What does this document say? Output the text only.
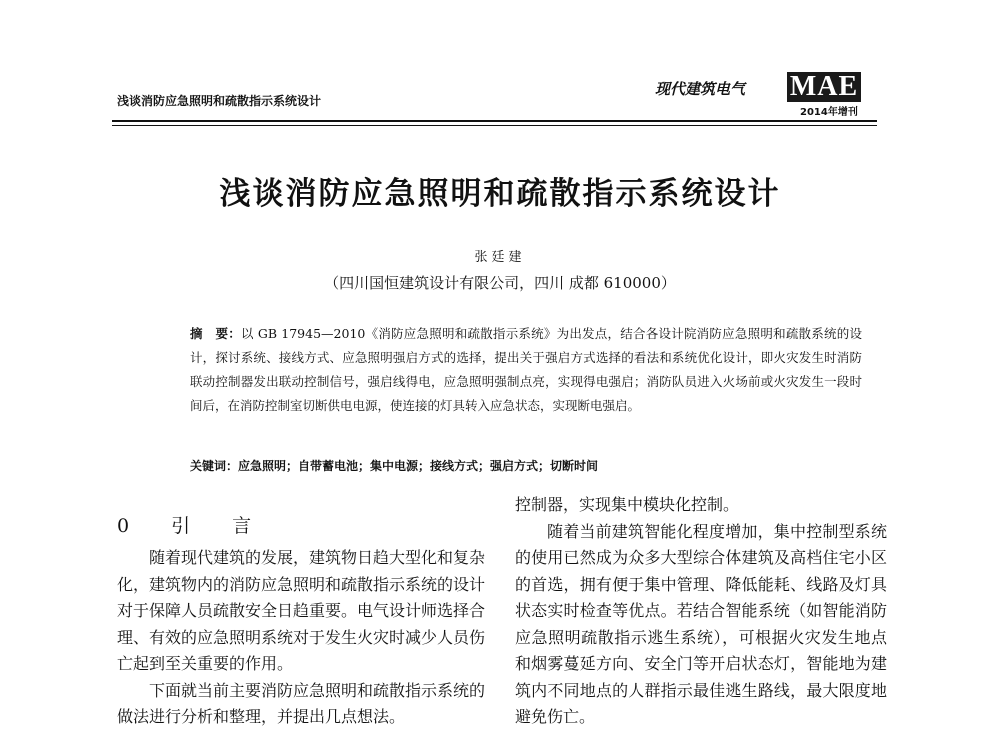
浅谈消防应急照明和疏散指示系统设计
现代建筑电气 MAE
2014年增刊
浅谈消防应急照明和疏散指示系统设计
张廷建
（四川国恒建筑设计有限公司，四川 成都 610000）
摘　要：以 GB 17945—2010《消防应急照明和疏散指示系统》为出发点，结合各设计院消防应急照明和疏散系统的设计，探讨系统、接线方式、应急照明强启方式的选择，提出关于强启方式选择的看法和系统优化设计，即火灾发生时消防联动控制器发出联动控制信号，强启线得电，应急照明强制点亮，实现得电强启；消防队员进入火场前或火灾发生一段时间后，在消防控制室切断供电电源，使连接的灯具转入应急状态，实现断电强启。
关键词：应急照明；自带蓄电池；集中电源；接线方式；强启方式；切断时间
0 引 言

随着现代建筑的发展，建筑物日趋大型化和复杂化，建筑物内的消防应急照明和疏散指示系统的设计对于保障人员疏散安全日趋重要。电气设计师选择合理、有效的应急照明系统对于发生火灾时减少人员伤亡起到至关重要的作用。

下面就当前主要消防应急照明和疏散指示系统的做法进行分析和整理，并提出几点想法。

控制器，实现集中模块化控制。

随着当前建筑智能化程度增加，集中控制型系统的使用已然成为众多大型综合体建筑及高档住宅小区的首选，拥有便于集中管理、降低能耗、线路及灯具状态实时检查等优点。若结合智能系统（如智能消防应急照明疏散指示逃生系统），可根据火灾发生地点和烟雾蔓延方向、安全门等开启状态灯，智能地为建筑内不同地点的人群指示最佳逃生路线，最大限度地避免伤亡。
